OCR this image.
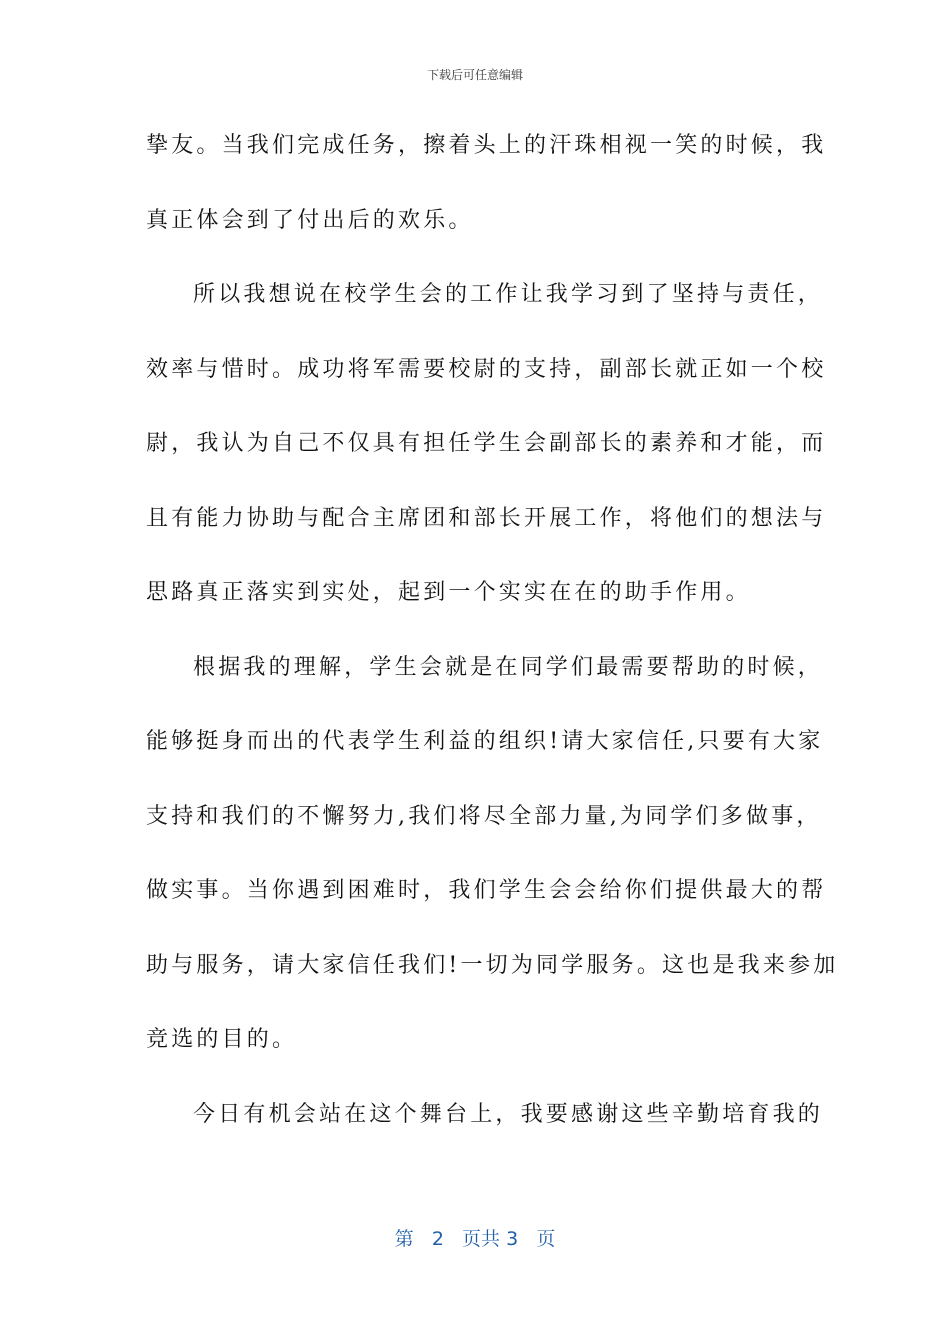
下载后可任意编辑
挚友。当我们完成任务，擦着头上的汗珠相视一笑的时候，我
真正体会到了付出后的欢乐。
所以我想说在校学生会的工作让我学习到了坚持与责任，
效率与惜时。成功将军需要校尉的支持，副部长就正如一个校
尉，我认为自己不仅具有担任学生会副部长的素养和才能，而
且有能力协助与配合主席团和部长开展工作，将他们的想法与
思路真正落实到实处，起到一个实实在在的助手作用。
根据我的理解，学生会就是在同学们最需要帮助的时候，
能够挺身而出的代表学生利益的组织!请大家信任,只要有大家
支持和我们的不懈努力,我们将尽全部力量,为同学们多做事，
做实事。当你遇到困难时，我们学生会会给你们提供最大的帮
助与服务，请大家信任我们!一切为同学服务。这也是我来参加
竞选的目的。
今日有机会站在这个舞台上，我要感谢这些辛勤培育我的
第 2 页共 3 页
